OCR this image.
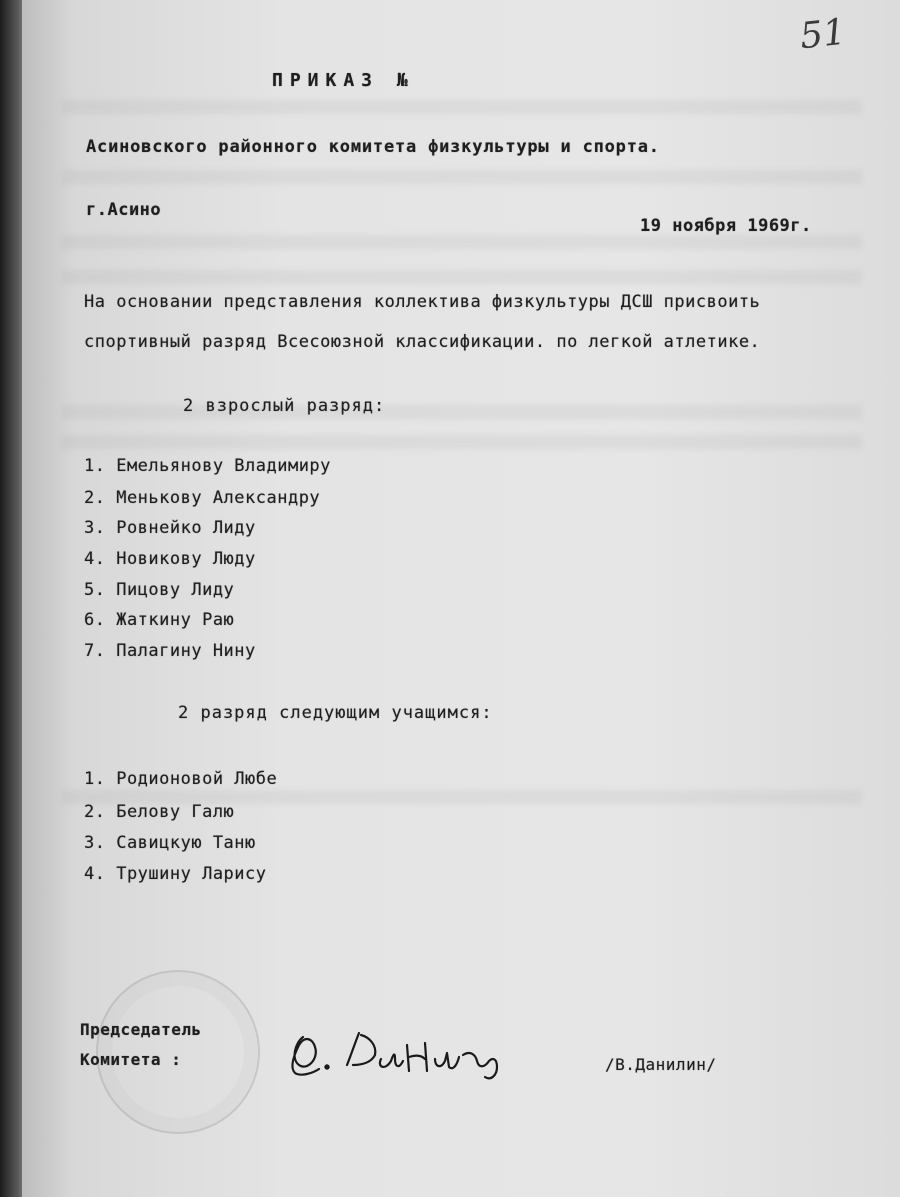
51
ПРИКАЗ №
Асиновского районного комитета физкультуры и спорта.
г.Асино
19 ноября 1969г.
На основании представления коллектива физкультуры ДСШ присвоить
спортивный разряд Всесоюзной классификации. по легкой атлетике.
2 взрослый разряд:
1. Емельянову Владимиру
2. Менькову Александру
3. Ровнейко Лиду
4. Новикову Люду
5. Пицову Лиду
6. Жаткину Раю
7. Палагину Нину
2 разряд следующим учащимся:
1. Родионовой Любе
2. Белову Галю
3. Савицкую Таню
4. Трушину Ларису
Председатель
Комитета :	/В.Данилин/
